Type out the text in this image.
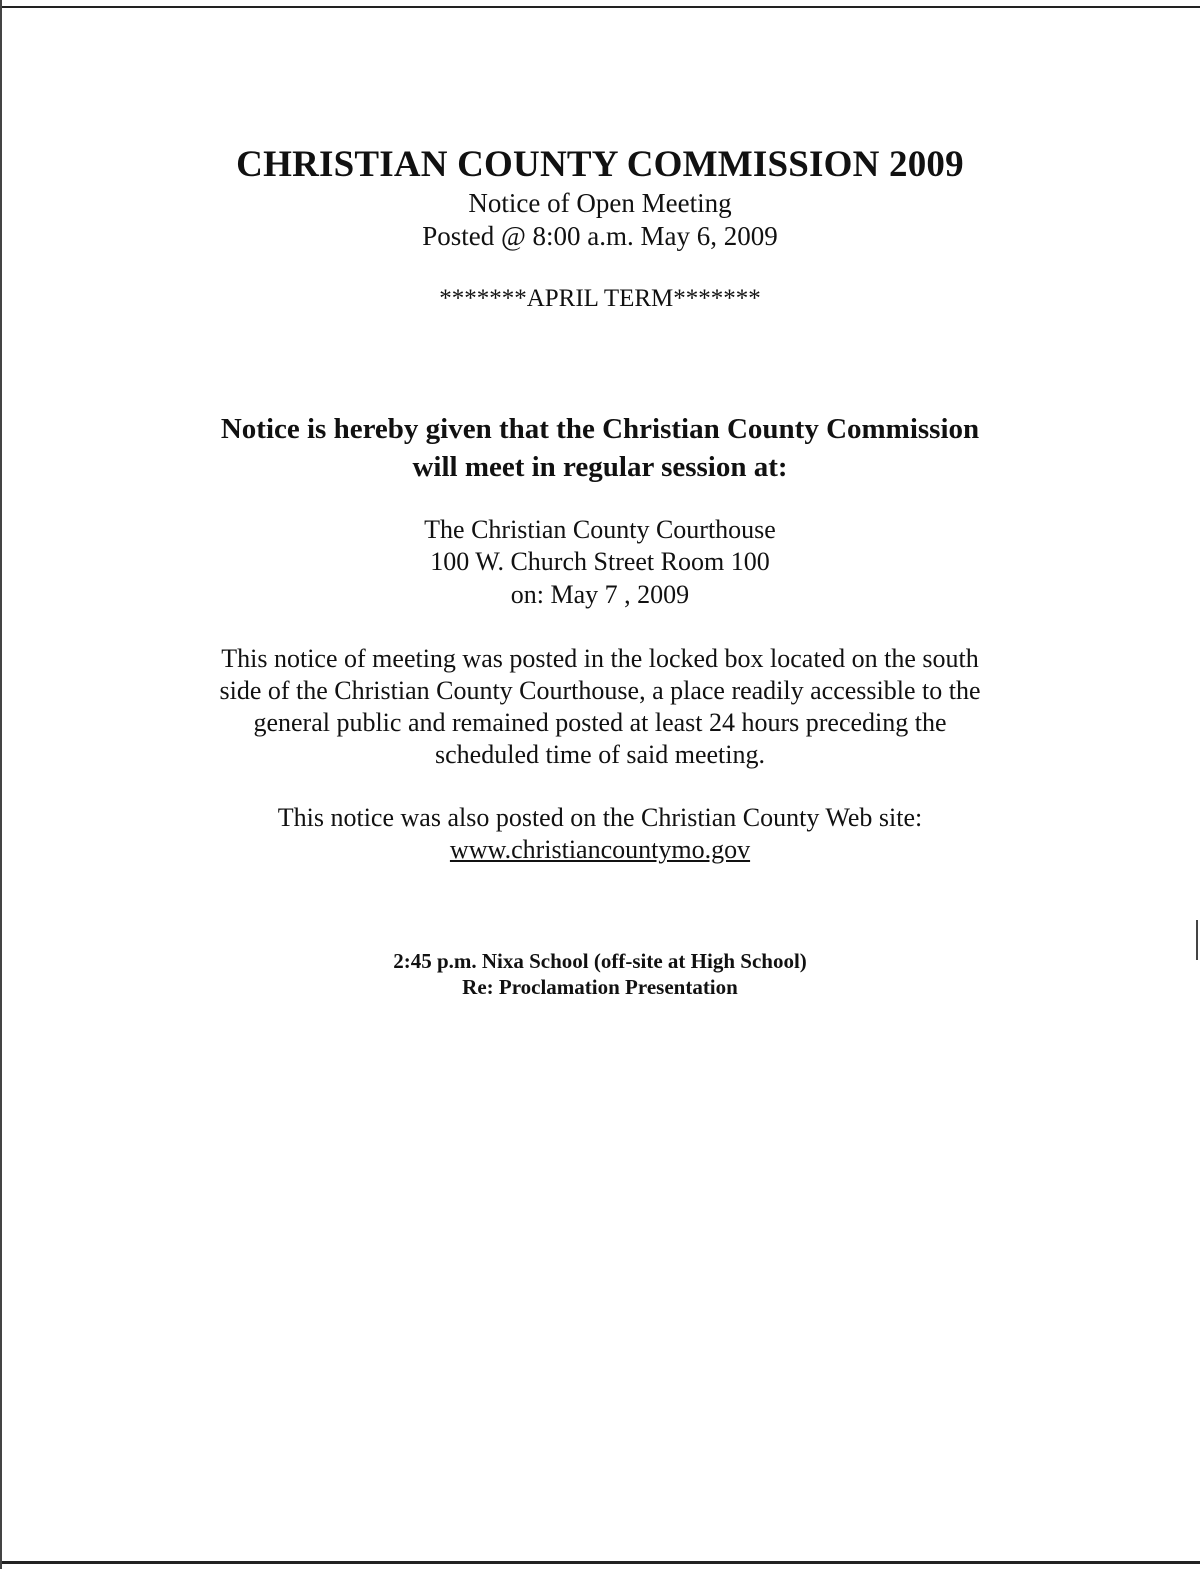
CHRISTIAN COUNTY COMMISSION 2009
Notice of Open Meeting
Posted @ 8:00 a.m. May 6, 2009
*******APRIL TERM*******
Notice is hereby given that the Christian County Commission
will meet in regular session at:
The Christian County Courthouse
100 W. Church Street Room 100
on: May 7 , 2009
This notice of meeting was posted in the locked box located on the south
side of the Christian County Courthouse, a place readily accessible to the
general public and remained posted at least 24 hours preceding the
scheduled time of said meeting.
This notice was also posted on the Christian County Web site:
www.christiancountymo.gov
2:45 p.m. Nixa School (off-site at High School)
Re: Proclamation Presentation
